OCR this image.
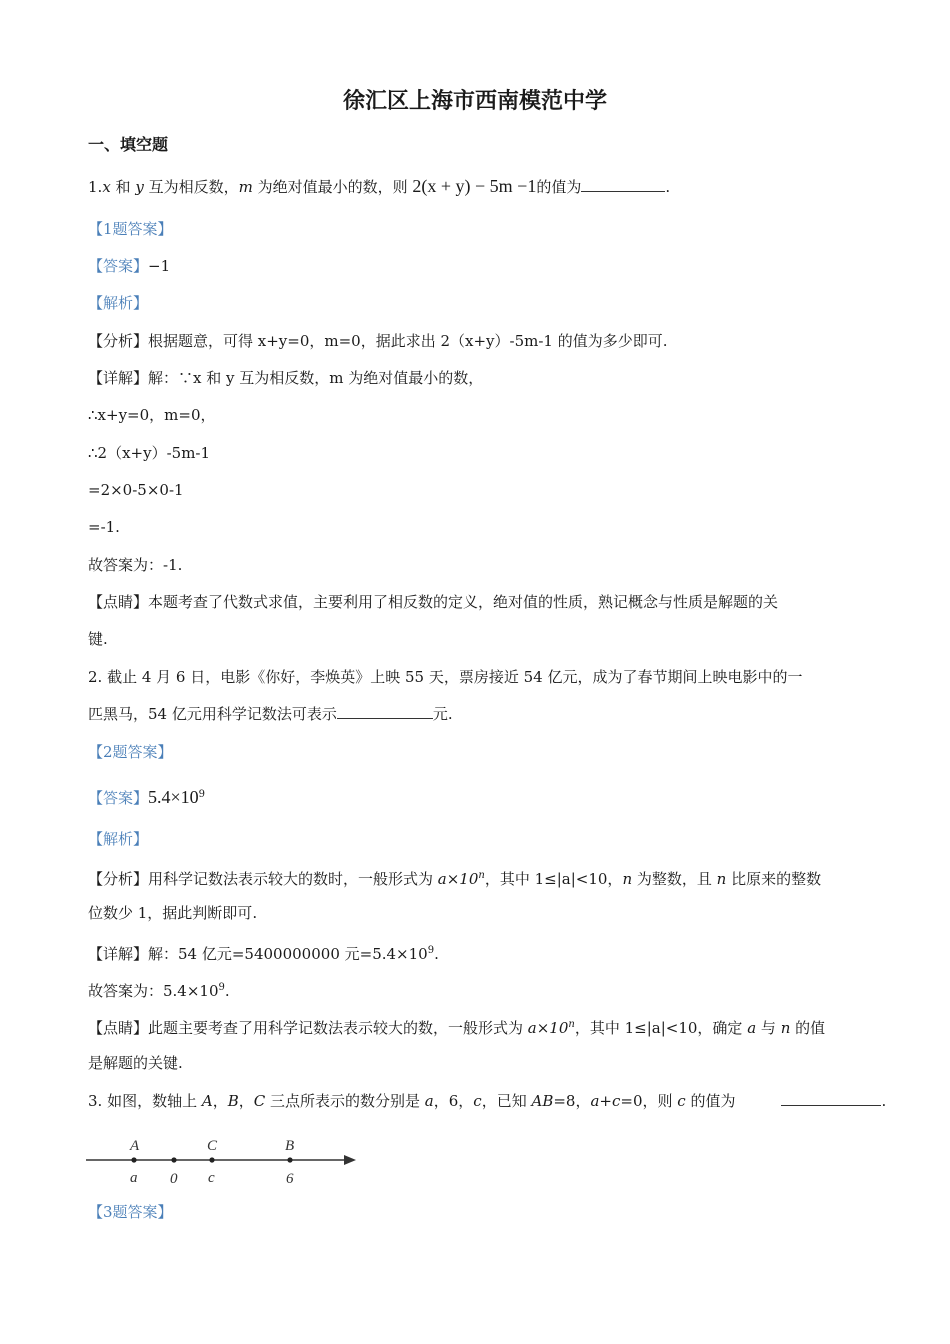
徐汇区上海市西南模范中学
一、填空题
1.x 和 y 互为相反数，m 为绝对值最小的数，则 2(x + y) − 5m −1的值为	.
【1题答案】
【答案】−1
【解析】
【分析】根据题意，可得 x+y=0，m=0，据此求出 2（x+y）-5m-1 的值为多少即可.
【详解】解：∵x 和 y 互为相反数，m 为绝对值最小的数，
∴x+y=0，m=0，
∴2（x+y）-5m-1
=2×0-5×0-1
=-1.
故答案为：-1.
【点睛】本题考查了代数式求值，主要利用了相反数的定义，绝对值的性质，熟记概念与性质是解题的关
键.
2. 截止 4 月 6 日，电影《你好，李焕英》上映 55 天，票房接近 54 亿元，成为了春节期间上映电影中的一
匹黑马，54 亿元用科学记数法可表示	元.
【2题答案】
【答案】$5.4\times 10^9$
【解析】
【分析】用科学记数法表示较大的数时，一般形式为 $a\times 10^n$，其中 1≤|a|<10，n 为整数，且 n 比原来的整数
位数少 1，据此判断即可.
【详解】解：54 亿元=5400000000 元$=5.4\times 10^9$.
故答案为：$5.4\times 10^9$.
【点睛】此题主要考查了用科学记数法表示较大的数，一般形式为 $a\times 10^n$，其中 1≤|a|<10，确定 a 与 n 的值
是解题的关键.
3. 如图，数轴上 A，B，C 三点所表示的数分别是 a，6，c，已知 AB=8，a+c=0，则 c 的值为	.
A	C	B
a 0 c	6
【3题答案】
